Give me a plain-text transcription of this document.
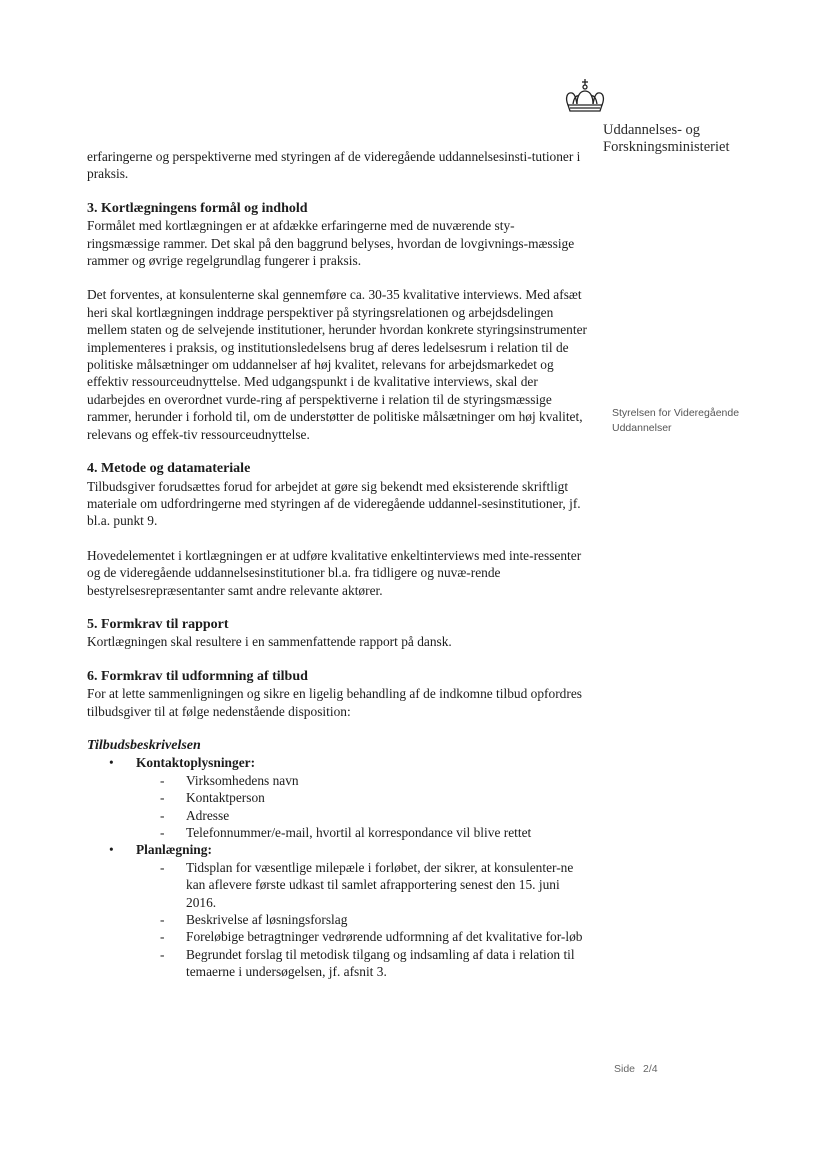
Uddannelses- og
Forskningsministeriet
Styrelsen for Videregående
Uddannelser

erfaringerne og perspektiverne med styringen af de videregående uddannelsesinsti-tutioner i praksis.

3. Kortlægningens formål og indhold

Formålet med kortlægningen er at afdække erfaringerne med de nuværende sty-ringsmæssige rammer. Det skal på den baggrund belyses, hvordan de lovgivnings-mæssige rammer og øvrige regelgrundlag fungerer i praksis.

Det forventes, at konsulenterne skal gennemføre ca. 30-35 kvalitative interviews. Med afsæt heri skal kortlægningen inddrage perspektiver på styringsrelationen og arbejdsdelingen mellem staten og de selvejende institutioner, herunder hvordan konkrete styringsinstrumenter implementeres i praksis, og institutionsledelsens brug af deres ledelsesrum i relation til de politiske målsætninger om uddannelser af høj kvalitet, relevans for arbejdsmarkedet og effektiv ressourceudnyttelse. Med udgangspunkt i de kvalitative interviews, skal der udarbejdes en overordnet vurde-ring af perspektiverne i relation til de styringsmæssige rammer, herunder i forhold til, om de understøtter de politiske målsætninger om høj kvalitet, relevans og effek-tiv ressourceudnyttelse.

4. Metode og datamateriale

Tilbudsgiver forudsættes forud for arbejdet at gøre sig bekendt med eksisterende skriftligt materiale om udfordringerne med styringen af de videregående uddannel-sesinstitutioner, jf. bl.a. punkt 9.

Hovedelementet i kortlægningen er at udføre kvalitative enkeltinterviews med inte-ressenter og de videregående uddannelsesinstitutioner bl.a. fra tidligere og nuvæ-rende bestyrelsesrepræsentanter samt andre relevante aktører.

5. Formkrav til rapport

Kortlægningen skal resultere i en sammenfattende rapport på dansk.

6. Formkrav til udformning af tilbud

For at lette sammenligningen og sikre en ligelig behandling af de indkomne tilbud opfordres tilbudsgiver til at følge nedenstående disposition:

Tilbudsbeskrivelsen
• Kontaktoplysninger:
- Virksomhedens navn
- Kontaktperson
- Adresse
- Telefonnummer/e-mail, hvortil al korrespondance vil blive rettet
• Planlægning:
- Tidsplan for væsentlige milepæle i forløbet, der sikrer, at konsulenter-ne kan aflevere første udkast til samlet afrapportering senest den 15. juni 2016.
- Beskrivelse af løsningsforslag
- Foreløbige betragtninger vedrørende udformning af det kvalitative for-løb
- Begrundet forslag til metodisk tilgang og indsamling af data i relation til temaerne i undersøgelsen, jf. afsnit 3.
Side 2/4
